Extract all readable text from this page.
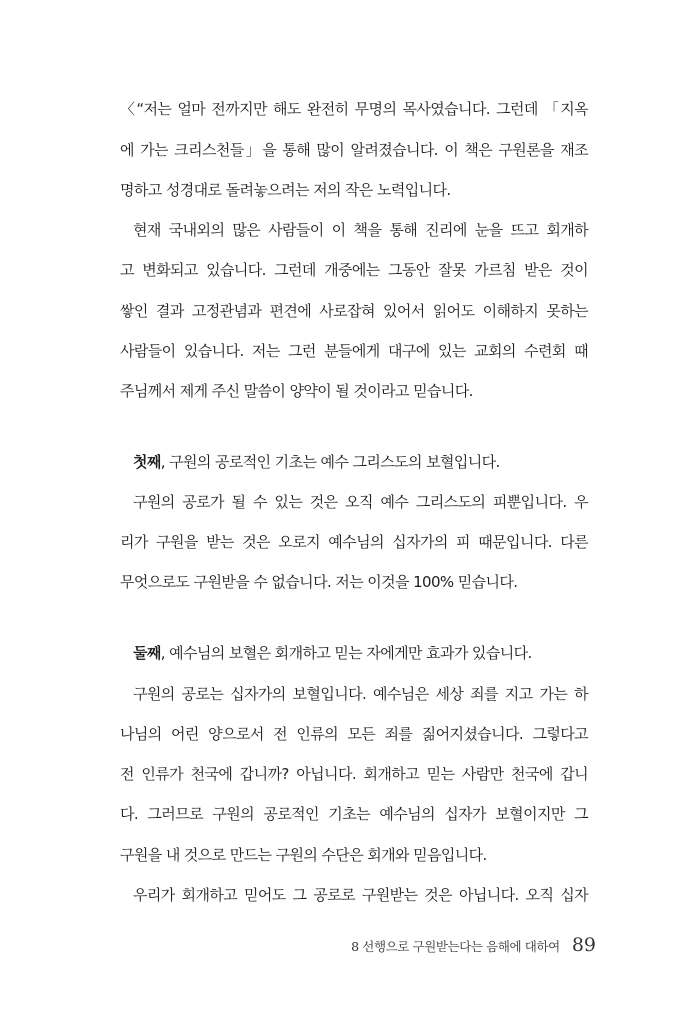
〈“저는 얼마 전까지만 해도 완전히 무명의 목사였습니다. 그런데 「지옥
에 가는 크리스천들」을 통해 많이 알려졌습니다. 이 책은 구원론을 재조
명하고 성경대로 돌려놓으려는 저의 작은 노력입니다.
현재 국내외의 많은 사람들이 이 책을 통해 진리에 눈을 뜨고 회개하
고 변화되고 있습니다. 그런데 개중에는 그동안 잘못 가르침 받은 것이
쌓인 결과 고정관념과 편견에 사로잡혀 있어서 읽어도 이해하지 못하는
사람들이 있습니다. 저는 그런 분들에게 대구에 있는 교회의 수련회 때
주님께서 제게 주신 말씀이 양약이 될 것이라고 믿습니다.
첫째, 구원의 공로적인 기초는 예수 그리스도의 보혈입니다.
구원의 공로가 될 수 있는 것은 오직 예수 그리스도의 피뿐입니다. 우
리가 구원을 받는 것은 오로지 예수님의 십자가의 피 때문입니다. 다른
무엇으로도 구원받을 수 없습니다. 저는 이것을 100% 믿습니다.
둘째, 예수님의 보혈은 회개하고 믿는 자에게만 효과가 있습니다.
구원의 공로는 십자가의 보혈입니다. 예수님은 세상 죄를 지고 가는 하
나님의 어린 양으로서 전 인류의 모든 죄를 짊어지셨습니다. 그렇다고
전 인류가 천국에 갑니까? 아닙니다. 회개하고 믿는 사람만 천국에 갑니
다. 그러므로 구원의 공로적인 기초는 예수님의 십자가 보혈이지만 그
구원을 내 것으로 만드는 구원의 수단은 회개와 믿음입니다.
우리가 회개하고 믿어도 그 공로로 구원받는 것은 아닙니다. 오직 십자
8 선행으로 구원받는다는 음해에 대하여 89
